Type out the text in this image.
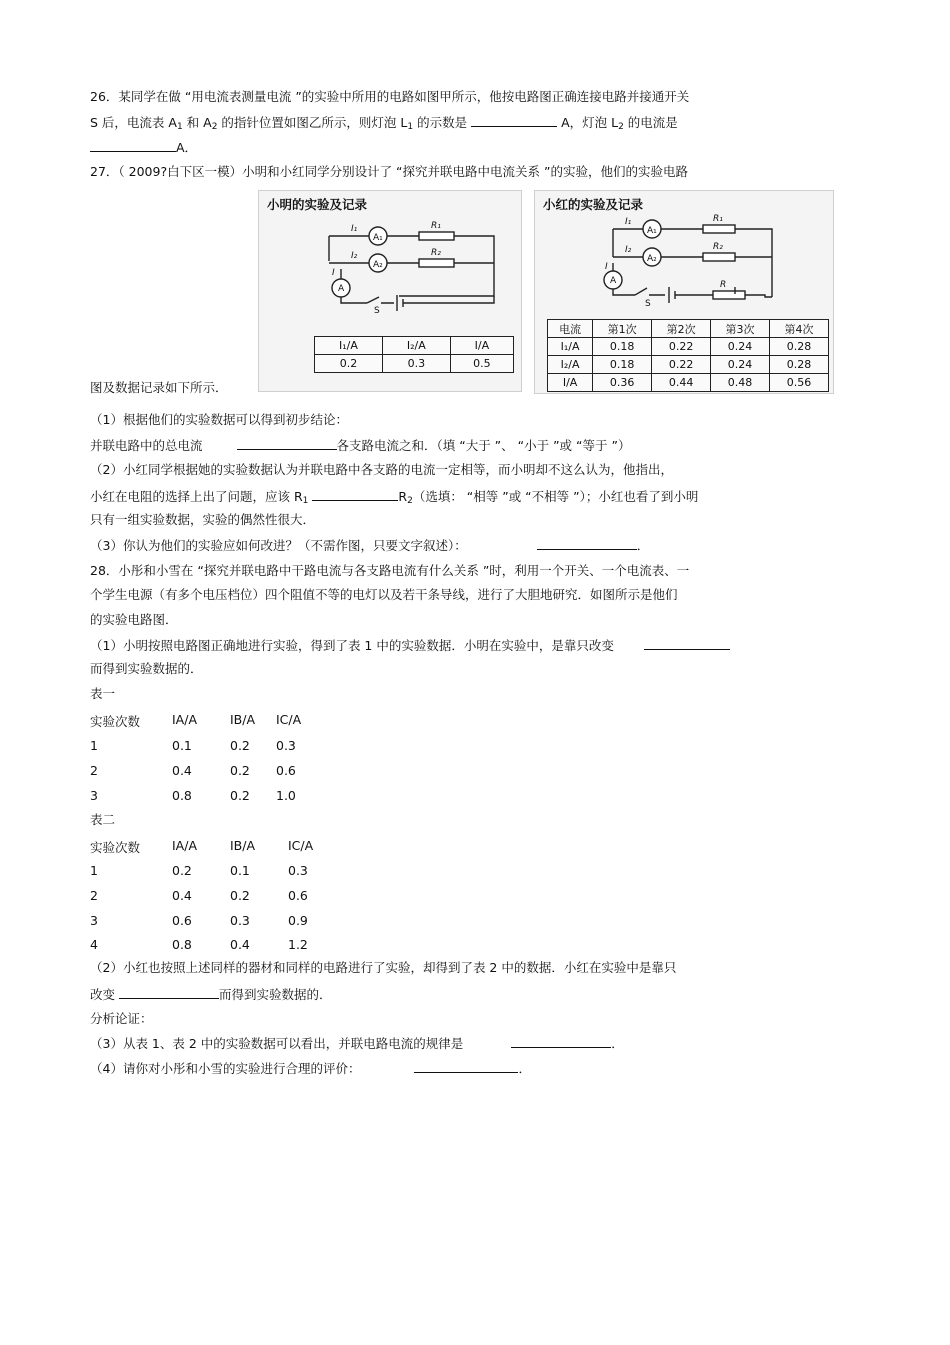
26．某同学在做 “用电流表测量电流 ”的实验中所用的电路如图甲所示，他按电路图正确连接电路并接通开关
S 后，电流表 $A_1$ 和 $A_2$ 的指针位置如图乙所示，则灯泡 $L_1$ 的示数是	A，灯泡 $L_2$ 的电流是
A．
27．（ 2009?白下区一模）小明和小红同学分别设计了 “探究并联电路中电流关系 ”的实验，他们的实验电路
小明的实验及记录
I₁
I₂
I
A₁
A₂
A
R₁
R₂
S
I₁/A	I₂/A	I/A
0.2	0.3	0.5
小红的实验及记录
I₁
I₂
I
A₁
A₂
A
R₁
R₂
R
S
电流	第1次	第2次	第3次	第4次
I₁/A	0.18	0.22	0.24	0.28
I₂/A	0.18	0.22	0.24	0.28
I/A	0.36	0.44	0.48	0.56
图及数据记录如下所示．
（1）根据他们的实验数据可以得到初步结论：
并联电路中的总电流	各支路电流之和．（填 “大于 ”、 “小于 ”或 “等于 ”）
（2）小红同学根据她的实验数据认为并联电路中各支路的电流一定相等，而小明却不这么认为，他指出，
小红在电阻的选择上出了问题，应该 $R_1$	$R_2$（选填： “相等 ”或 “不相等 ”）；小红也看了到小明
只有一组实验数据，实验的偶然性很大．
（3）你认为他们的实验应如何改进？（不需作图，只要文字叙述）：	．
28．小彤和小雪在 “探究并联电路中干路电流与各支路电流有什么关系 ”时，利用一个开关、一个电流表、一
个学生电源（有多个电压档位）四个阻值不等的电灯以及若干条导线，进行了大胆地研究．如图所示是他们
的实验电路图．
（1）小明按照电路图正确地进行实验，得到了表 1 中的实验数据．小明在实验中，是靠只改变
而得到实验数据的．
表一
实验次数	IA/A	IB/A IC/A
1	0.1	0.2 0.3
2	0.4	0.2 0.6
3	0.8	0.2 1.0
表二
实验次数	IA/A	IB/A	IC/A
1	0.2	0.1	0.3
2	0.4	0.2	0.6
3	0.6	0.3	0.9
4	0.8	0.4	1.2
（2）小红也按照上述同样的器材和同样的电路进行了实验，却得到了表 2 中的数据．小红在实验中是靠只
改变	而得到实验数据的．
分析论证：
（3）从表 1、表 2 中的实验数据可以看出，并联电路电流的规律是	．
（4）请你对小彤和小雪的实验进行合理的评价：	．
